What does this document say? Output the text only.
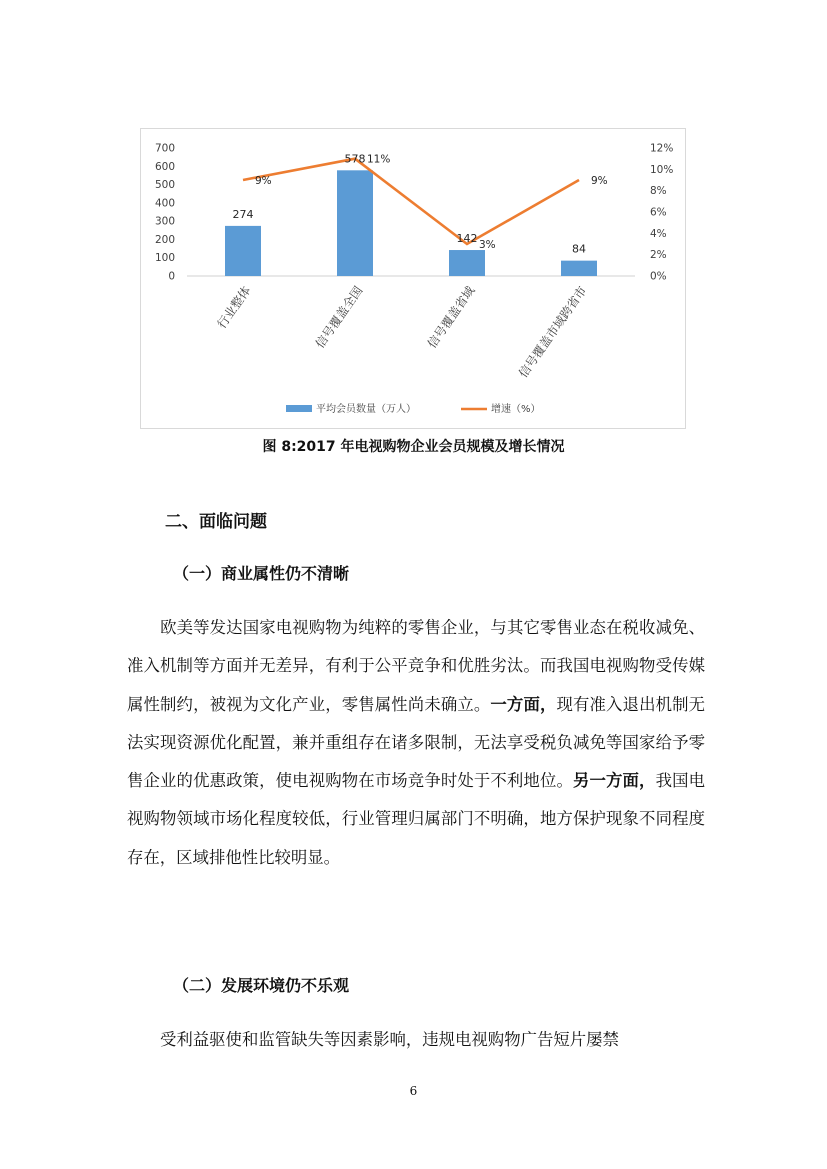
0
100
200
300
400
500
600
700
0%
2%
4%
6%
8%
10%
12%
274
578
142
84
9%
11%
3%
9%
行业整体	信号覆盖全国	信号覆盖省域	信号覆盖市域跨省市
平均会员数量（万人）	增速（%）
图 8:2017 年电视购物企业会员规模及增长情况
二、面临问题
（一）商业属性仍不清晰
欧美等发达国家电视购物为纯粹的零售企业，与其它零售业态在税收减免、准入机制等方面并无差异，有利于公平竞争和优胜劣汰。而我国电视购物受传媒属性制约，被视为文化产业，零售属性尚未确立。一方面，现有准入退出机制无法实现资源优化配置，兼并重组存在诸多限制，无法享受税负减免等国家给予零售企业的优惠政策，使电视购物在市场竞争时处于不利地位。另一方面，我国电视购物领域市场化程度较低，行业管理归属部门不明确，地方保护现象不同程度存在，区域排他性比较明显。
（二）发展环境仍不乐观
受利益驱使和监管缺失等因素影响，违规电视购物广告短片屡禁
6
